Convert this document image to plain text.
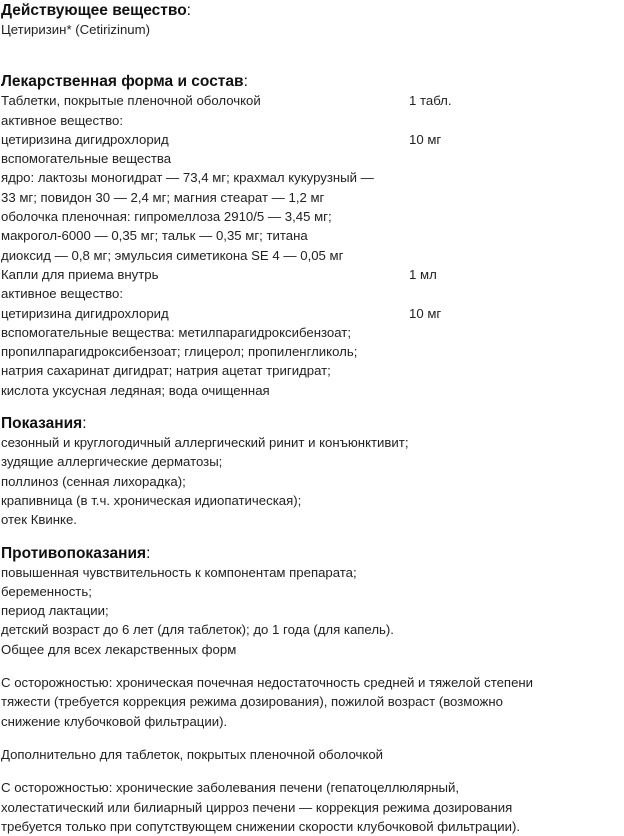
Действующее вещество:
Цетиризин* (Cetirizinum)
Лекарственная форма и состав:
Таблетки, покрытые пленочной оболочкой	1 табл.
активное вещество:
цетиризина дигидрохлорид	10 мг
вспомогательные вещества
ядро: лактозы моногидрат — 73,4 мг; крахмал кукурузный —
33 мг; повидон 30 — 2,4 мг; магния стеарат — 1,2 мг
оболочка пленочная: гипромеллоза 2910/5 — 3,45 мг;
макрогол-6000 — 0,35 мг; тальк — 0,35 мг; титана
диоксид — 0,8 мг; эмульсия симетикона SE 4 — 0,05 мг
Капли для приема внутрь	1 мл
активное вещество:
цетиризина дигидрохлорид	10 мг
вспомогательные вещества: метилпарагидроксибензоат;
пропилпарагидроксибензоат; глицерол; пропиленгликоль;
натрия сахаринат дигидрат; натрия ацетат тригидрат;
кислота уксусная ледяная; вода очищенная
Показания:
сезонный и круглогодичный аллергический ринит и конъюнктивит;
зудящие аллергические дерматозы;
поллиноз (сенная лихорадка);
крапивница (в т.ч. хроническая идиопатическая);
отек Квинке.
Противопоказания:
повышенная чувствительность к компонентам препарата;
беременность;
период лактации;
детский возраст до 6 лет (для таблеток); до 1 года (для капель).
Общее для всех лекарственных форм
С осторожностью: хроническая почечная недостаточность средней и тяжелой степени
тяжести (требуется коррекция режима дозирования), пожилой возраст (возможно
снижение клубочковой фильтрации).
Дополнительно для таблеток, покрытых пленочной оболочкой
С осторожностью: хронические заболевания печени (гепатоцеллюлярный,
холестатический или билиарный цирроз печени — коррекция режима дозирования
требуется только при сопутствующем снижении скорости клубочковой фильтрации).
